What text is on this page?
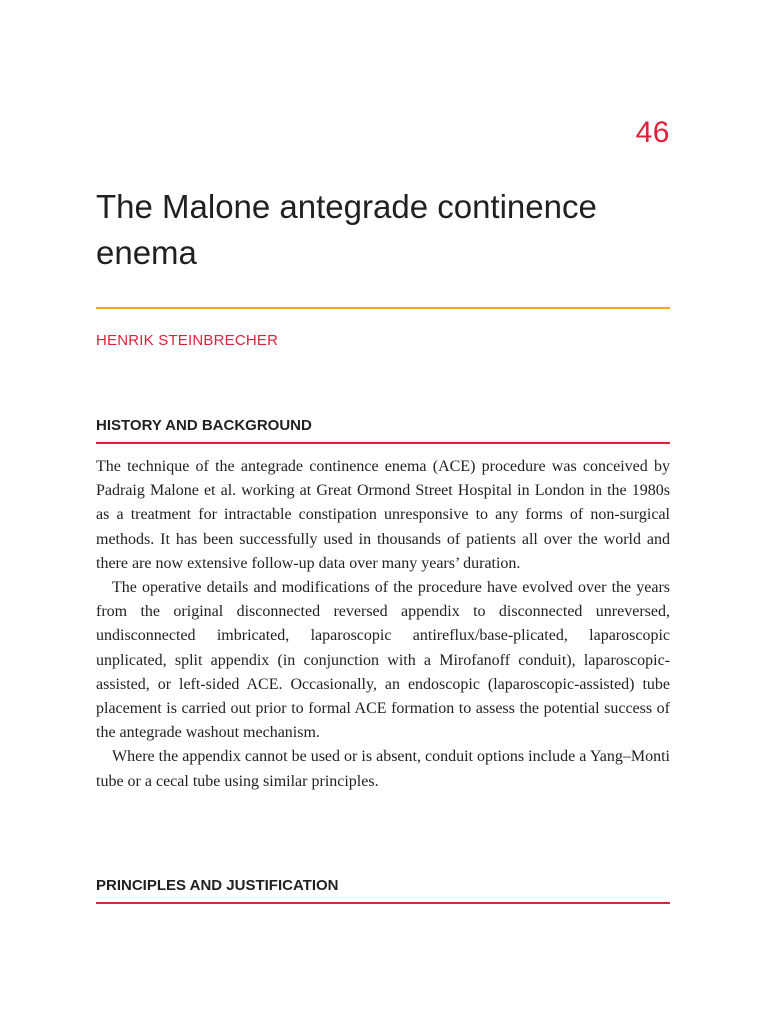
46
The Malone antegrade continence enema
HENRIK STEINBRECHER
HISTORY AND BACKGROUND

The technique of the antegrade continence enema (ACE) procedure was conceived by Padraig Malone et al. working at Great Ormond Street Hospital in London in the 1980s as a treatment for intractable constipation unresponsive to any forms of non-surgical methods. It has been successfully used in thousands of patients all over the world and there are now extensive follow-up data over many years’ duration.

The operative details and modifications of the procedure have evolved over the years from the original disconnected reversed appendix to disconnected unreversed, undisconnected imbricated, laparoscopic antireflux/base-plicated, laparoscopic unplicated, split appendix (in conjunction with a Mirofanoff conduit), laparoscopic-assisted, or left-sided ACE. Occasionally, an endoscopic (laparoscopic-assisted) tube placement is carried out prior to formal ACE formation to assess the potential success of the antegrade washout mechanism.

Where the appendix cannot be used or is absent, conduit options include a Yang–Monti tube or a cecal tube using similar principles.

PRINCIPLES AND JUSTIFICATION
